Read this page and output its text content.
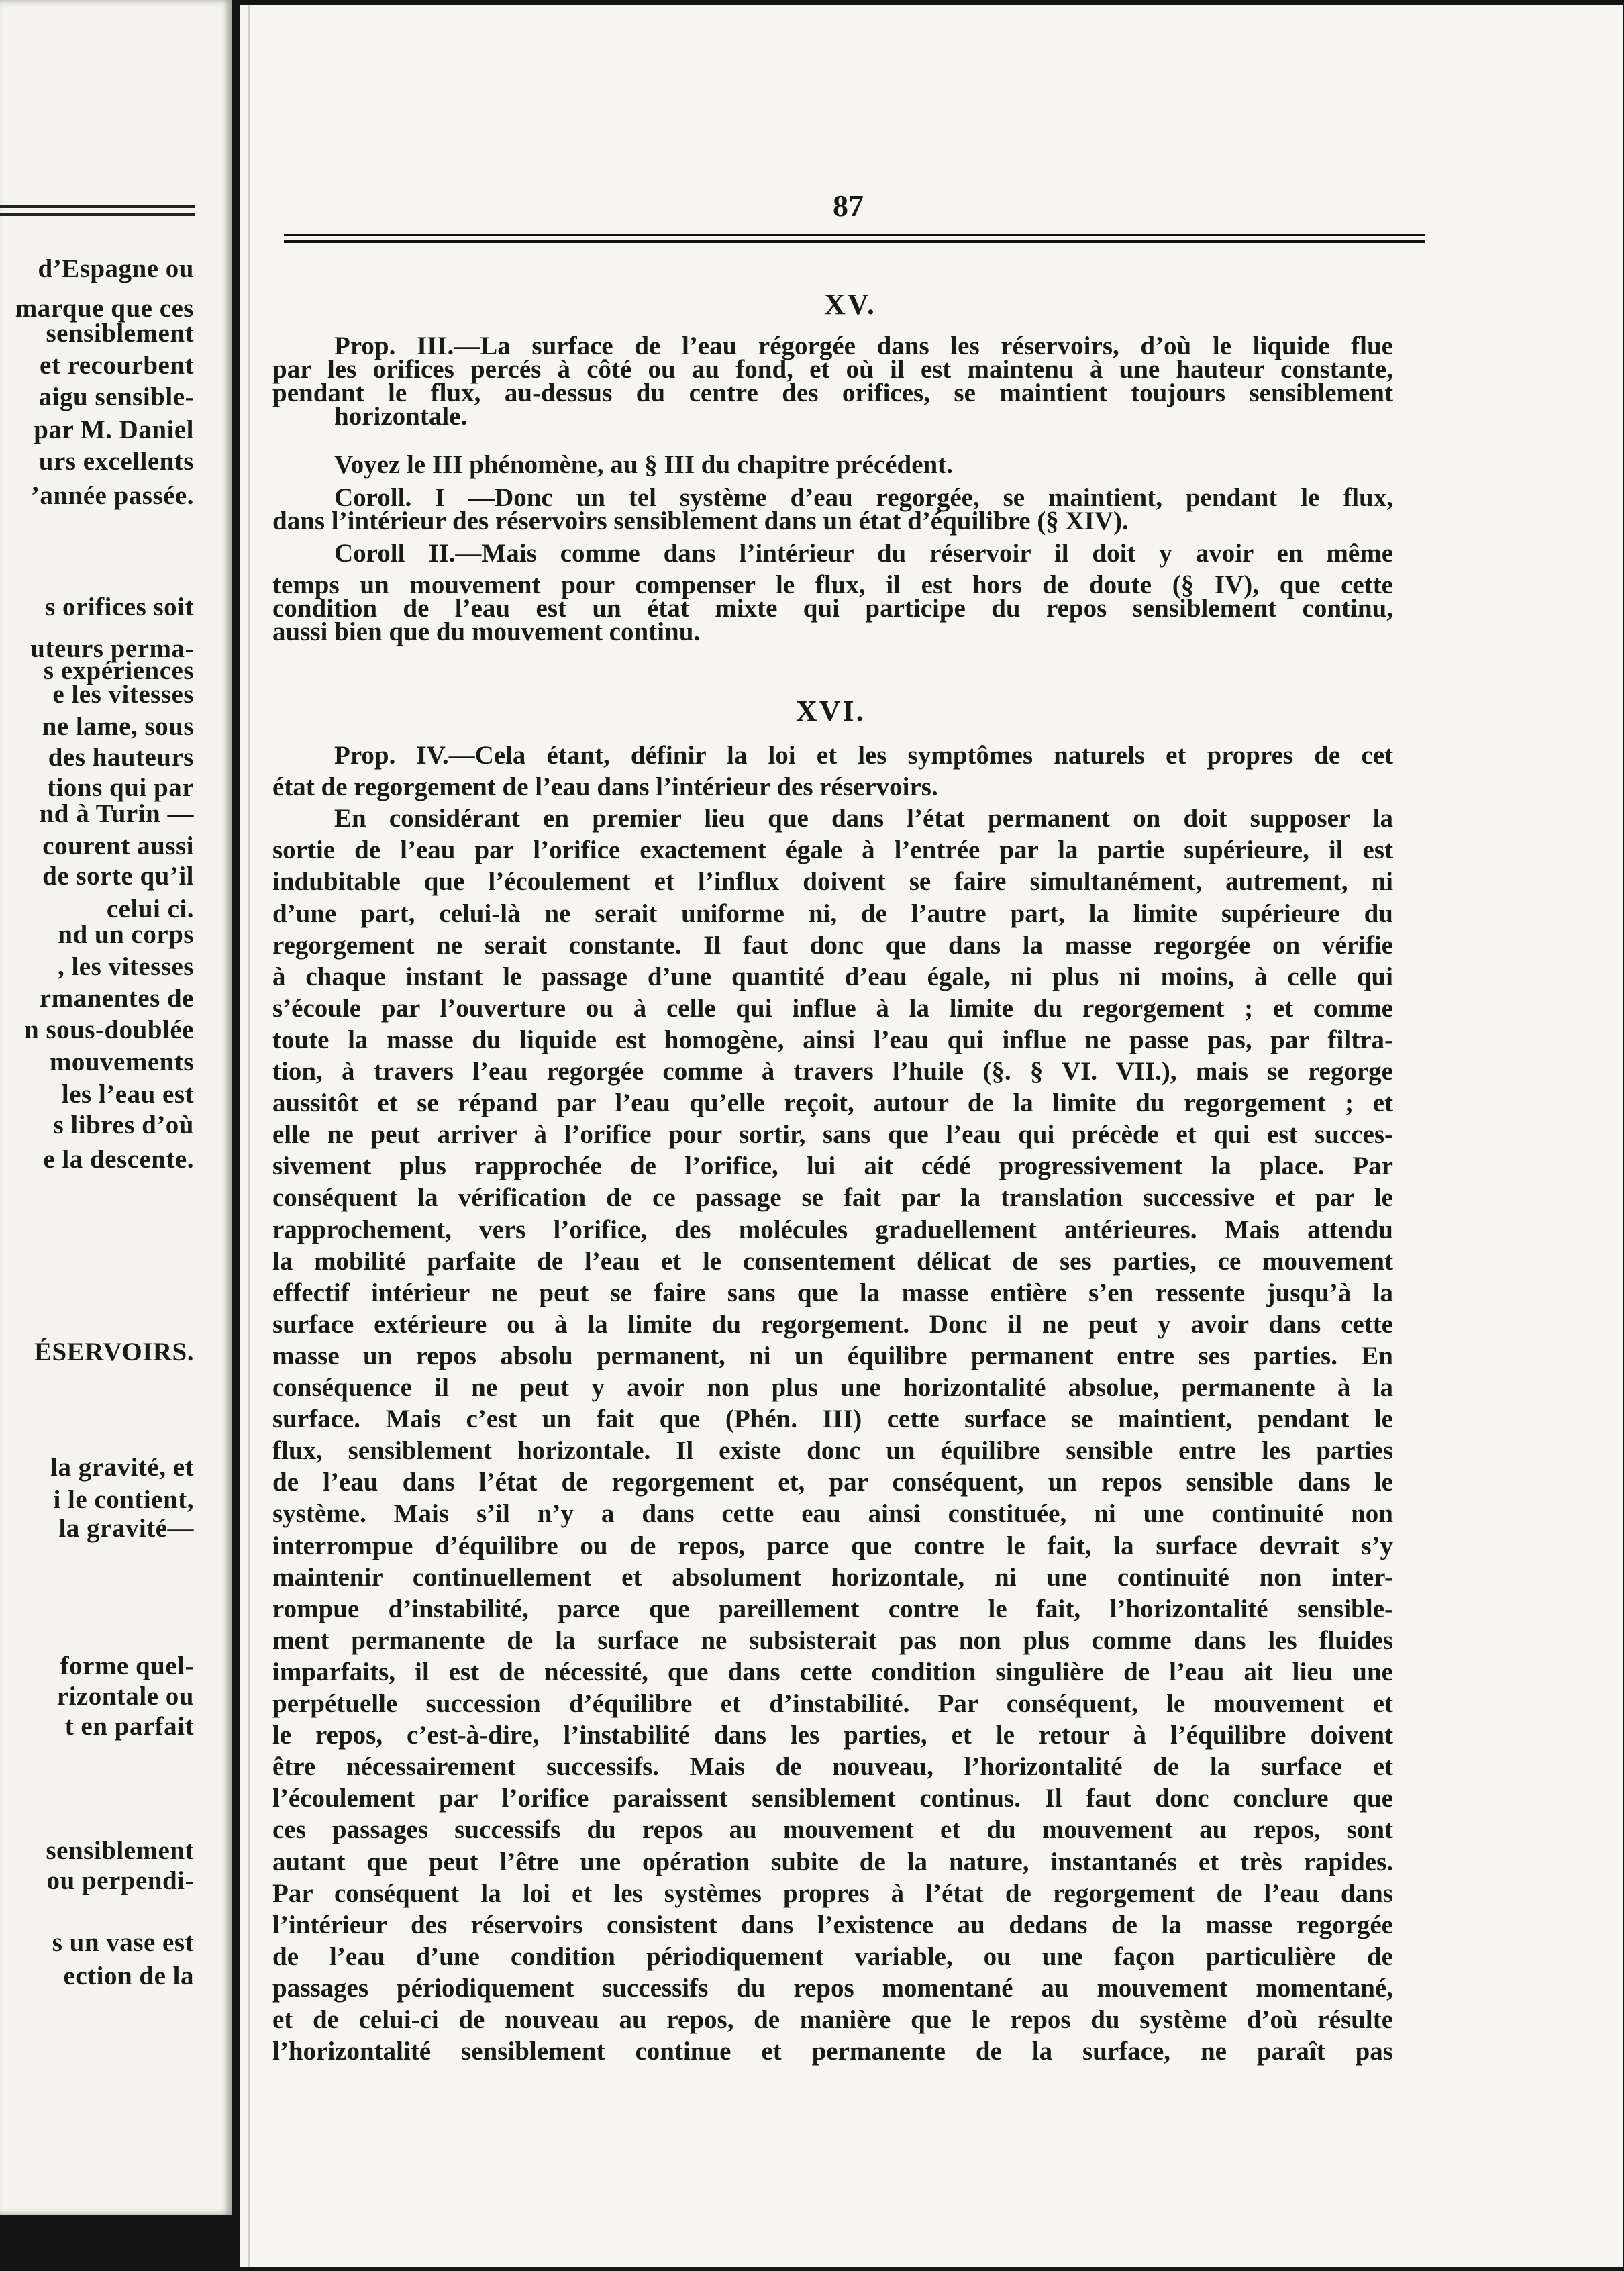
d’Espagne ou
marque que ces
sensiblement
et recourbent
aigu sensible-
par M. Daniel
urs excellents
’année passée.
s orifices soit
uteurs perma-
s expériences
e les vitesses
ne lame, sous
des hauteurs
tions qui par
nd à Turin —
courent aussi
de sorte qu’il
celui ci.
nd un corps
, les vitesses
rmanentes de
n sous-doublée
mouvements
les l’eau est
s libres d’où
e la descente.
ÉSERVOIRS.
la gravité, et
i le contient,
la gravité—
forme quel-
rizontale ou
t en parfait
sensiblement
ou perpendi-
s un vase est
ection de la
87
XV.
XVI.
Prop. III.—La surface de l’eau régorgée dans les réservoirs, d’où le liquide flue
par les orifices percés à côté ou au fond, et où il est maintenu à une hauteur constante,
pendant le flux, au-dessus du centre des orifices, se maintient toujours sensiblement
horizontale.
Voyez le III phénomène, au § III du chapitre précédent.
Coroll. I —Donc un tel système d’eau regorgée, se maintient, pendant le flux,
dans l’intérieur des réservoirs sensiblement dans un état d’équilibre (§ XIV).
Coroll II.—Mais comme dans l’intérieur du réservoir il doit y avoir en même
temps un mouvement pour compenser le flux, il est hors de doute (§ IV), que cette
condition de l’eau est un état mixte qui participe du repos sensiblement continu,
aussi bien que du mouvement continu.
Prop. IV.—Cela étant, définir la loi et les symptômes naturels et propres de cet
état de regorgement de l’eau dans l’intérieur des réservoirs.
En considérant en premier lieu que dans l’état permanent on doit supposer la
sortie de l’eau par l’orifice exactement égale à l’entrée par la partie supérieure, il est
indubitable que l’écoulement et l’influx doivent se faire simultanément, autrement, ni
d’une part, celui-là ne serait uniforme ni, de l’autre part, la limite supérieure du
regorgement ne serait constante. Il faut donc que dans la masse regorgée on vérifie
à chaque instant le passage d’une quantité d’eau égale, ni plus ni moins, à celle qui
s’écoule par l’ouverture ou à celle qui influe à la limite du regorgement ; et comme
toute la masse du liquide est homogène, ainsi l’eau qui influe ne passe pas, par filtra-
tion, à travers l’eau regorgée comme à travers l’huile (§. § VI. VII.), mais se regorge
aussitôt et se répand par l’eau qu’elle reçoit, autour de la limite du regorgement ; et
elle ne peut arriver à l’orifice pour sortir, sans que l’eau qui précède et qui est succes-
sivement plus rapprochée de l’orifice, lui ait cédé progressivement la place. Par
conséquent la vérification de ce passage se fait par la translation successive et par le
rapprochement, vers l’orifice, des molécules graduellement antérieures. Mais attendu
la mobilité parfaite de l’eau et le consentement délicat de ses parties, ce mouvement
effectif intérieur ne peut se faire sans que la masse entière s’en ressente jusqu’à la
surface extérieure ou à la limite du regorgement. Donc il ne peut y avoir dans cette
masse un repos absolu permanent, ni un équilibre permanent entre ses parties. En
conséquence il ne peut y avoir non plus une horizontalité absolue, permanente à la
surface. Mais c’est un fait que (Phén. III) cette surface se maintient, pendant le
flux, sensiblement horizontale. Il existe donc un équilibre sensible entre les parties
de l’eau dans l’état de regorgement et, par conséquent, un repos sensible dans le
système. Mais s’il n’y a dans cette eau ainsi constituée, ni une continuité non
interrompue d’équilibre ou de repos, parce que contre le fait, la surface devrait s’y
maintenir continuellement et absolument horizontale, ni une continuité non inter-
rompue d’instabilité, parce que pareillement contre le fait, l’horizontalité sensible-
ment permanente de la surface ne subsisterait pas non plus comme dans les fluides
imparfaits, il est de nécessité, que dans cette condition singulière de l’eau ait lieu une
perpétuelle succession d’équilibre et d’instabilité. Par conséquent, le mouvement et
le repos, c’est-à-dire, l’instabilité dans les parties, et le retour à l’équilibre doivent
être nécessairement successifs. Mais de nouveau, l’horizontalité de la surface et
l’écoulement par l’orifice paraissent sensiblement continus. Il faut donc conclure que
ces passages successifs du repos au mouvement et du mouvement au repos, sont
autant que peut l’être une opération subite de la nature, instantanés et très rapides.
Par conséquent la loi et les systèmes propres à l’état de regorgement de l’eau dans
l’intérieur des réservoirs consistent dans l’existence au dedans de la masse regorgée
de l’eau d’une condition périodiquement variable, ou une façon particulière de
passages périodiquement successifs du repos momentané au mouvement momentané,
et de celui-ci de nouveau au repos, de manière que le repos du système d’où résulte
l’horizontalité sensiblement continue et permanente de la surface, ne paraît pas
